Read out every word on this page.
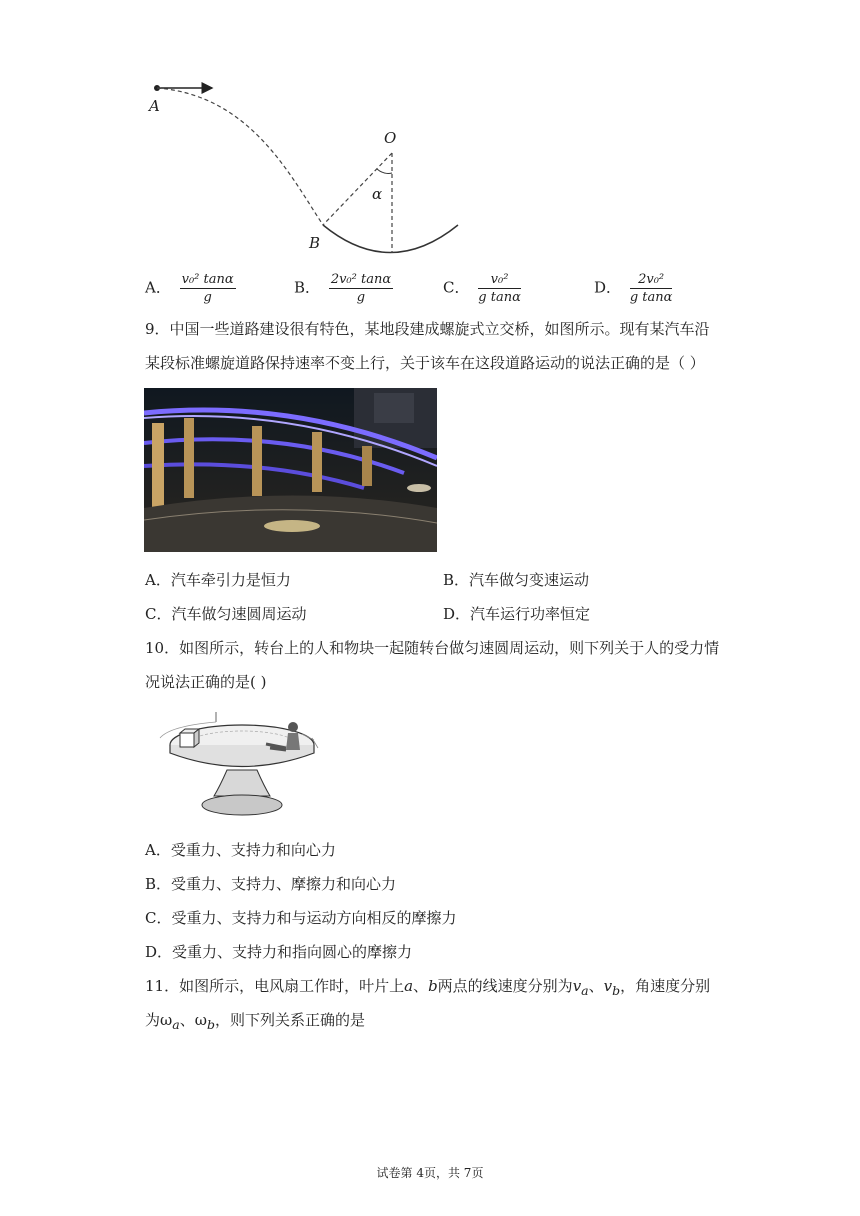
A
O
α
B
A． $\frac{\text{v₀² tanα}}{g}$	B． $\frac{\text{2v₀² tanα}}{g}$	C． $\frac{\text{v₀²}}{\text{g tanα}}$	D． $\frac{\text{2v₀²}}{\text{g tanα}}$
9．中国一些道路建设很有特色，某地段建成螺旋式立交桥，如图所示。现有某汽车沿
某段标准螺旋道路保持速率不变上行，关于该车在这段道路运动的说法正确的是（ ）
A．汽车牵引力是恒力	B．汽车做匀变速运动
C．汽车做匀速圆周运动	D．汽车运行功率恒定
10．如图所示，转台上的人和物块一起随转台做匀速圆周运动，则下列关于人的受力情
况说法正确的是( )
A．受重力、支持力和向心力
B．受重力、支持力、摩擦力和向心力
C．受重力、支持力和与运动方向相反的摩擦力
D．受重力、支持力和指向圆心的摩擦力
11．如图所示，电风扇工作时，叶片上a、b两点的线速度分别为$v_a$、$v_b$，角速度分别
为$\omega_a$、$\omega_b$，则下列关系正确的是
试卷第 4页，共 7页
